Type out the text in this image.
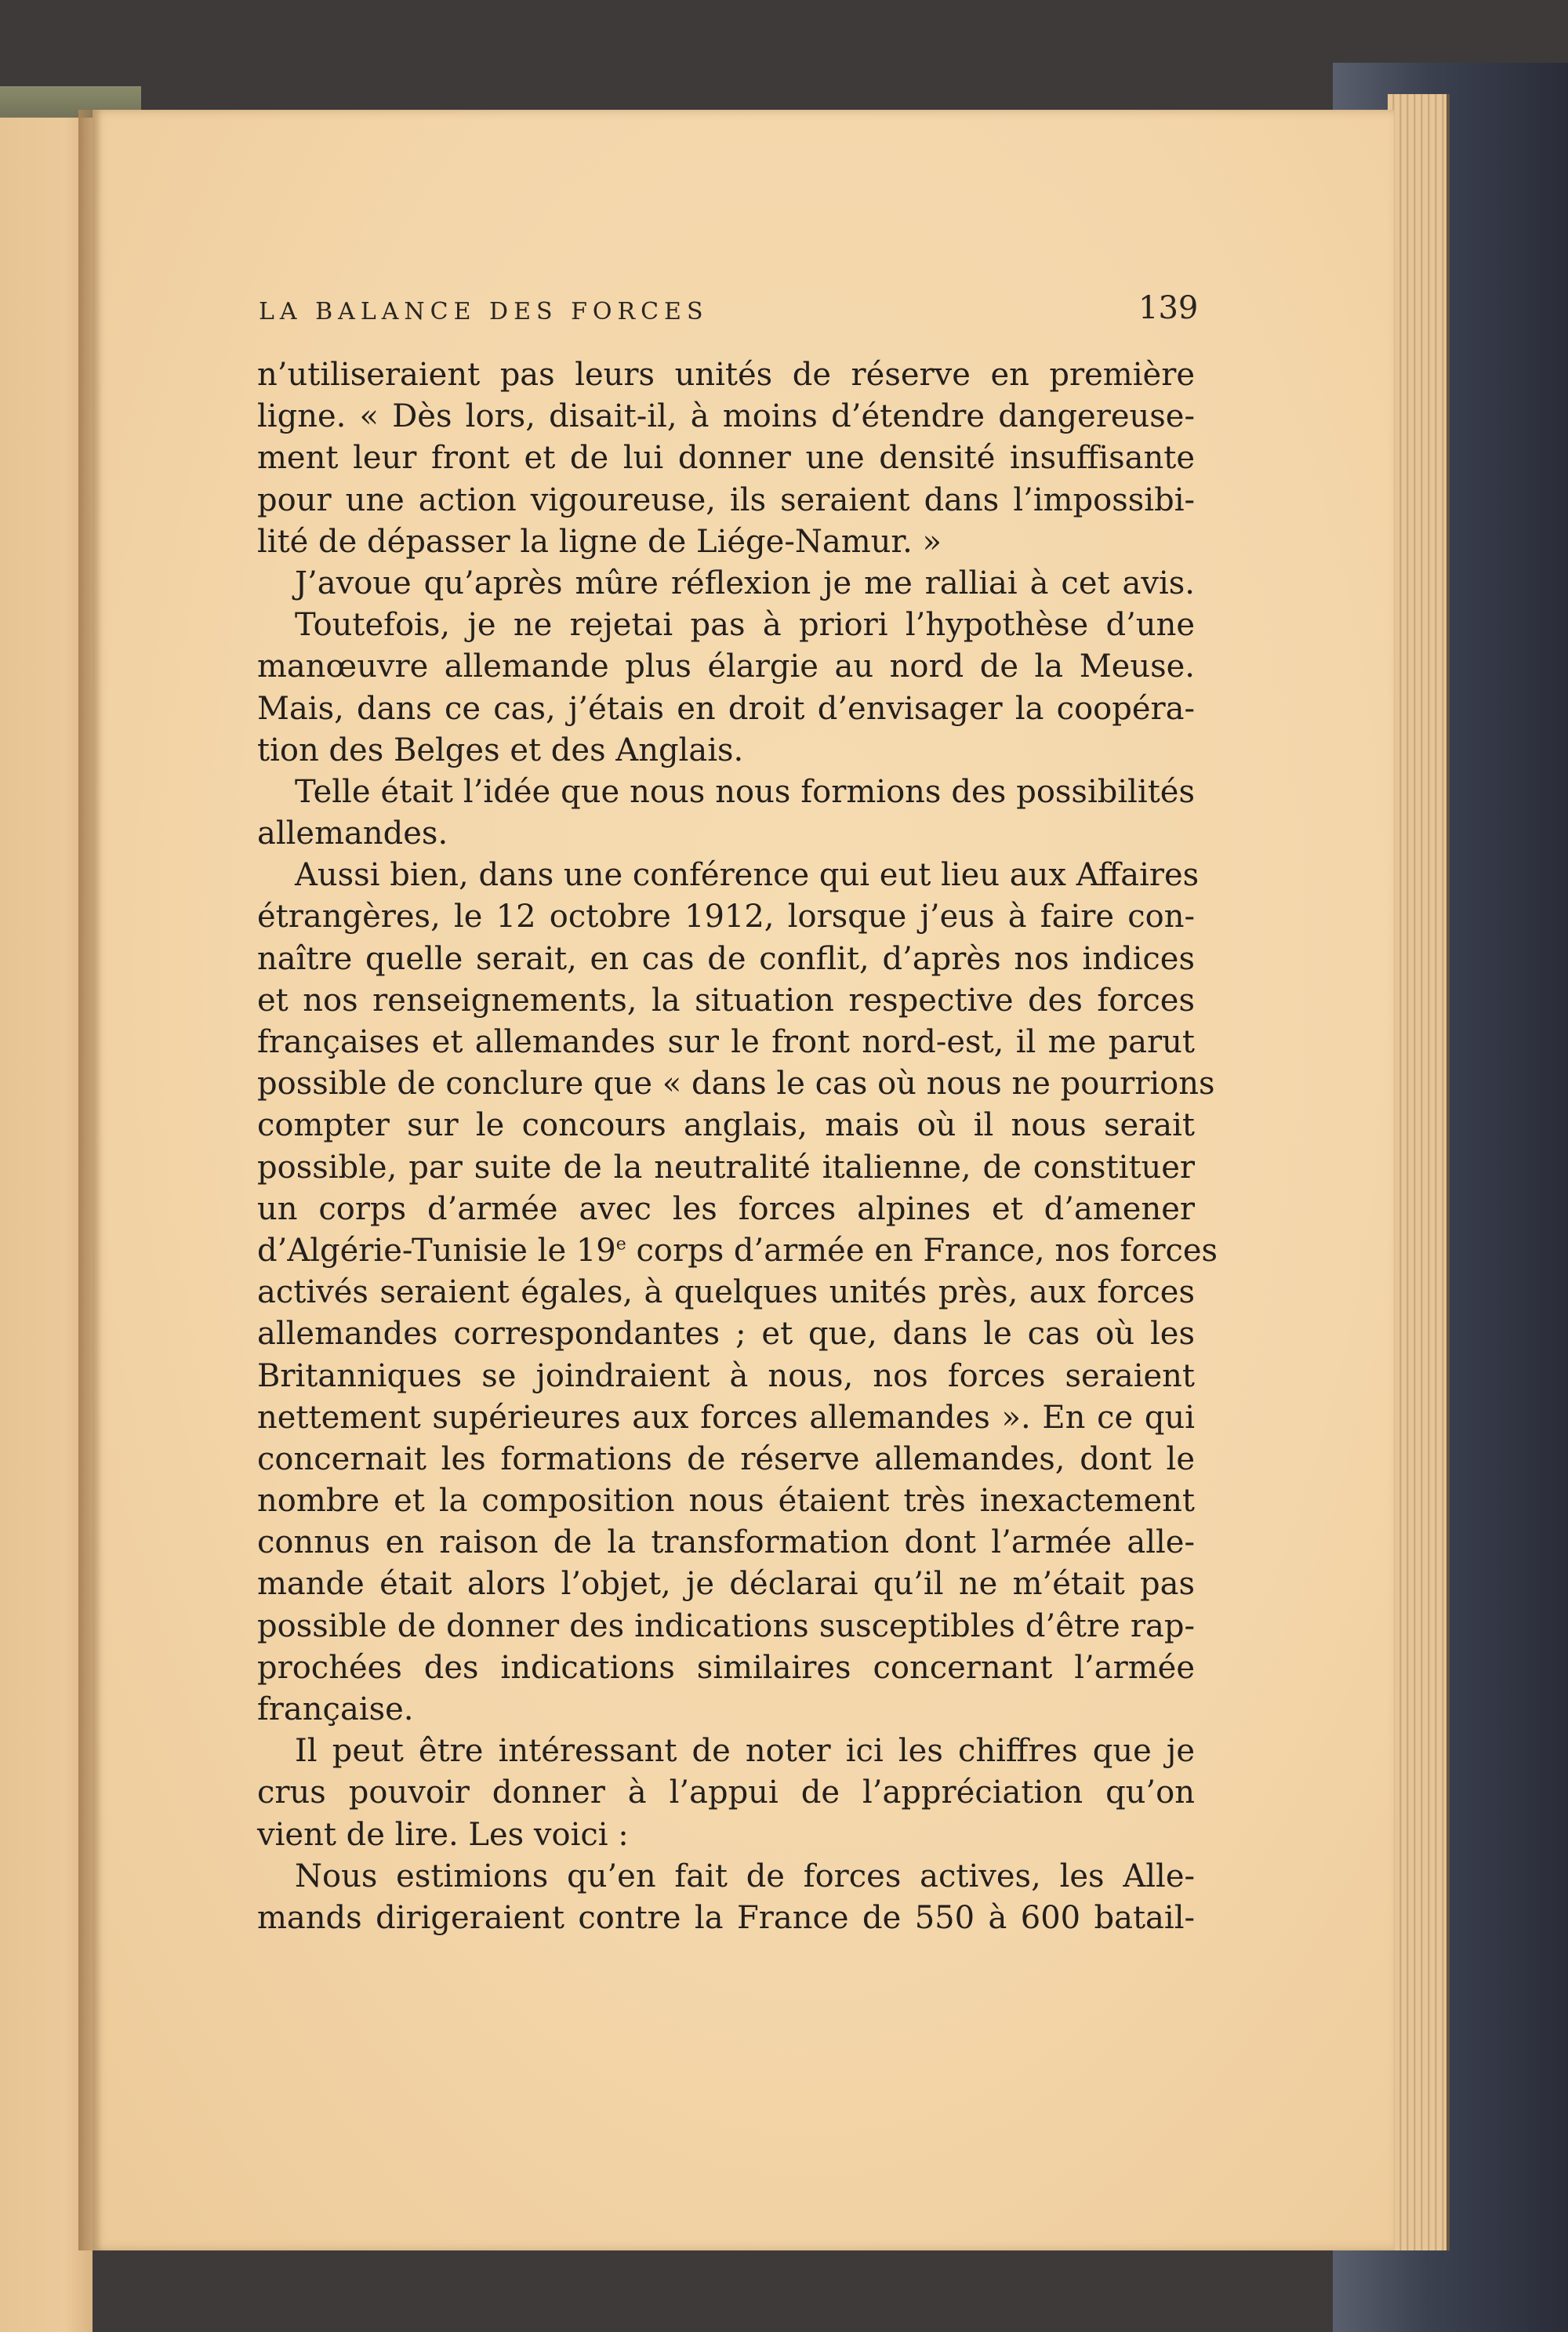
LA BALANCE DES FORCES	139
n’utiliseraient pas leurs unités de réserve en première
ligne. « Dès lors, disait-il, à moins d’étendre dangereuse-
ment leur front et de lui donner une densité insuffisante
pour une action vigoureuse, ils seraient dans l’impossibi-
lité de dépasser la ligne de Liége-Namur. »
J’avoue qu’après mûre réflexion je me ralliai à cet avis.
Toutefois, je ne rejetai pas à priori l’hypothèse d’une
manœuvre allemande plus élargie au nord de la Meuse.
Mais, dans ce cas, j’étais en droit d’envisager la coopéra-
tion des Belges et des Anglais.
Telle était l’idée que nous nous formions des possibilités
allemandes.
Aussi bien, dans une conférence qui eut lieu aux Affaires
étrangères, le 12 octobre 1912, lorsque j’eus à faire con-
naître quelle serait, en cas de conflit, d’après nos indices
et nos renseignements, la situation respective des forces
françaises et allemandes sur le front nord-est, il me parut
possible de conclure que « dans le cas où nous ne pourrions
compter sur le concours anglais, mais où il nous serait
possible, par suite de la neutralité italienne, de constituer
un corps d’armée avec les forces alpines et d’amener
d’Algérie-Tunisie le 19e corps d’armée en France, nos forces
activés seraient égales, à quelques unités près, aux forces
allemandes correspondantes ; et que, dans le cas où les
Britanniques se joindraient à nous, nos forces seraient
nettement supérieures aux forces allemandes ». En ce qui
concernait les formations de réserve allemandes, dont le
nombre et la composition nous étaient très inexactement
connus en raison de la transformation dont l’armée alle-
mande était alors l’objet, je déclarai qu’il ne m’était pas
possible de donner des indications susceptibles d’être rap-
prochées des indications similaires concernant l’armée
française.
Il peut être intéressant de noter ici les chiffres que je
crus pouvoir donner à l’appui de l’appréciation qu’on
vient de lire. Les voici :
Nous estimions qu’en fait de forces actives, les Alle-
mands dirigeraient contre la France de 550 à 600 batail-
